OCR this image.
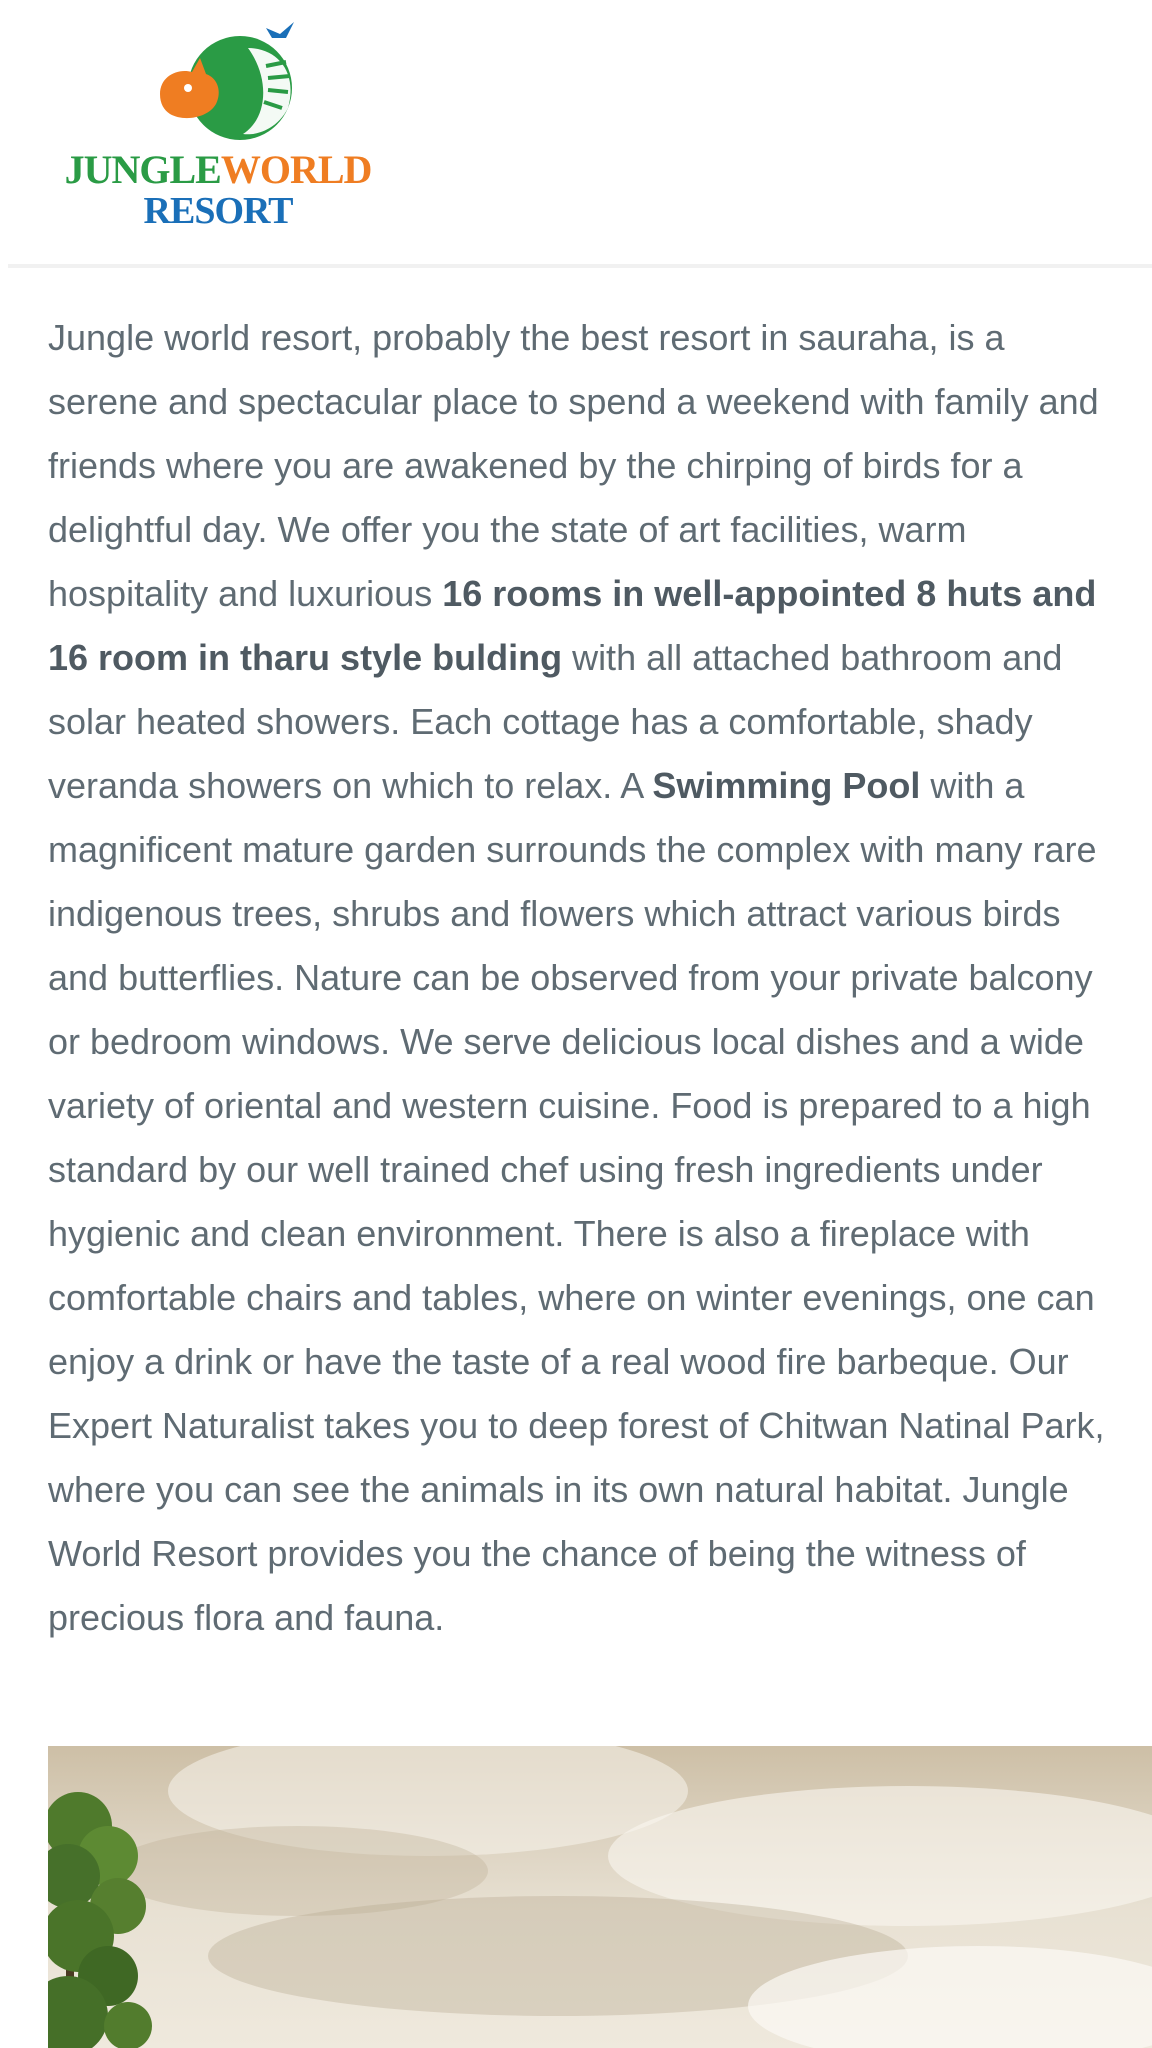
JUNGLEWORLD
RESORT

Jungle world resort, probably the best resort in sauraha, is a serene and spectacular place to spend a weekend with family and friends where you are awakened by the chirping of birds for a delightful day. We offer you the state of art facilities, warm hospitality and luxurious 16 rooms in well-appointed 8 huts and 16 room in tharu style bulding with all attached bathroom and solar heated showers. Each cottage has a comfortable, shady veranda showers on which to relax. A Swimming Pool with a magnificent mature garden surrounds the complex with many rare indigenous trees, shrubs and flowers which attract various birds and butterflies. Nature can be observed from your private balcony or bedroom windows. We serve delicious local dishes and a wide variety of oriental and western cuisine. Food is prepared to a high standard by our well trained chef using fresh ingredients under hygienic and clean environment. There is also a fireplace with comfortable chairs and tables, where on winter evenings, one can enjoy a drink or have the taste of a real wood fire barbeque. Our Expert Naturalist takes you to deep forest of Chitwan Natinal Park, where you can see the animals in its own natural habitat. Jungle World Resort provides you the chance of being the witness of precious flora and fauna.
